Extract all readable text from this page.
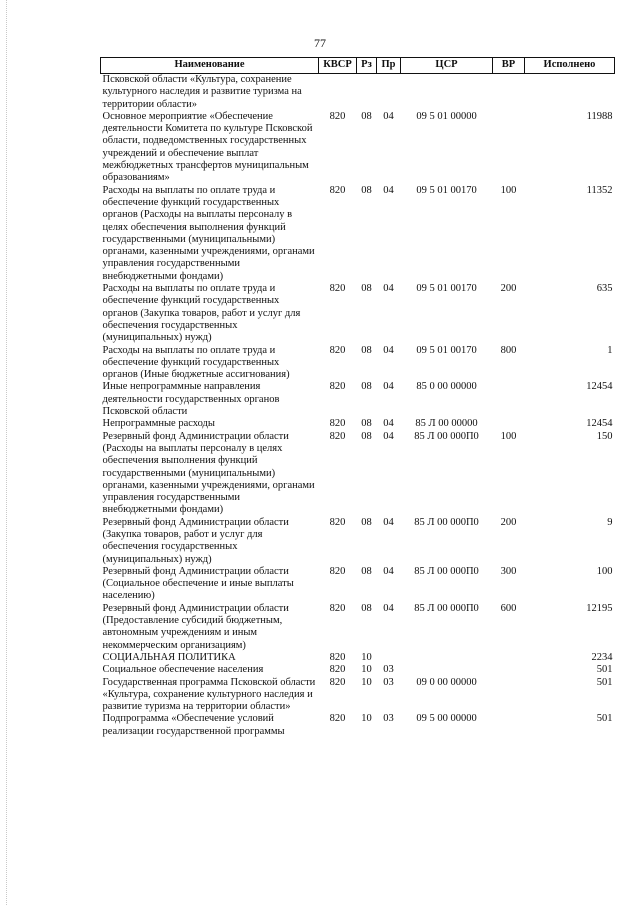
77
Наименование	КВСР	Рз	Пр	ЦСР	ВР	Исполнено
Псковской области «Культура, сохранение культурного наследия и развитие туризма на территории области»						
Основное мероприятие «Обеспечение деятельности Комитета по культуре Псковской области, подведомственных государственных учреждений и обеспечение выплат межбюджетных трансфертов муниципальным образованиям»	820	08	04	09 5 01 00000		11988
Расходы на выплаты по оплате труда и обеспечение функций государственных органов (Расходы на выплаты персоналу в целях обеспечения выполнения функций государственными (муниципальными) органами, казенными учреждениями, органами управления государственными внебюджетными фондами)	820	08	04	09 5 01 00170	100	11352
Расходы на выплаты по оплате труда и обеспечение функций государственных органов (Закупка товаров, работ и услуг для обеспечения государственных (муниципальных) нужд)	820	08	04	09 5 01 00170	200	635
Расходы на выплаты по оплате труда и обеспечение функций государственных органов (Иные бюджетные ассигнования)	820	08	04	09 5 01 00170	800	1
Иные непрограммные направления деятельности государственных органов Псковской области	820	08	04	85 0 00 00000		12454
Непрограммные расходы	820	08	04	85 Л 00 00000		12454
Резервный фонд Администрации области (Расходы на выплаты персоналу в целях обеспечения выполнения функций государственными (муниципальными) органами, казенными учреждениями, органами управления государственными внебюджетными фондами)	820	08	04	85 Л 00 000П0	100	150
Резервный фонд Администрации области (Закупка товаров, работ и услуг для обеспечения государственных (муниципальных) нужд)	820	08	04	85 Л 00 000П0	200	9
Резервный фонд Администрации области (Социальное обеспечение и иные выплаты населению)	820	08	04	85 Л 00 000П0	300	100
Резервный фонд Администрации области (Предоставление субсидий бюджетным, автономным учреждениям и иным некоммерческим организациям)	820	08	04	85 Л 00 000П0	600	12195
СОЦИАЛЬНАЯ ПОЛИТИКА	820	10				2234
Социальное обеспечение населения	820	10	03			501
Государственная программа Псковской области «Культура, сохранение культурного наследия и развитие туризма на территории области»	820	10	03	09 0 00 00000		501
Подпрограмма «Обеспечение условий реализации государственной программы	820	10	03	09 5 00 00000		501
